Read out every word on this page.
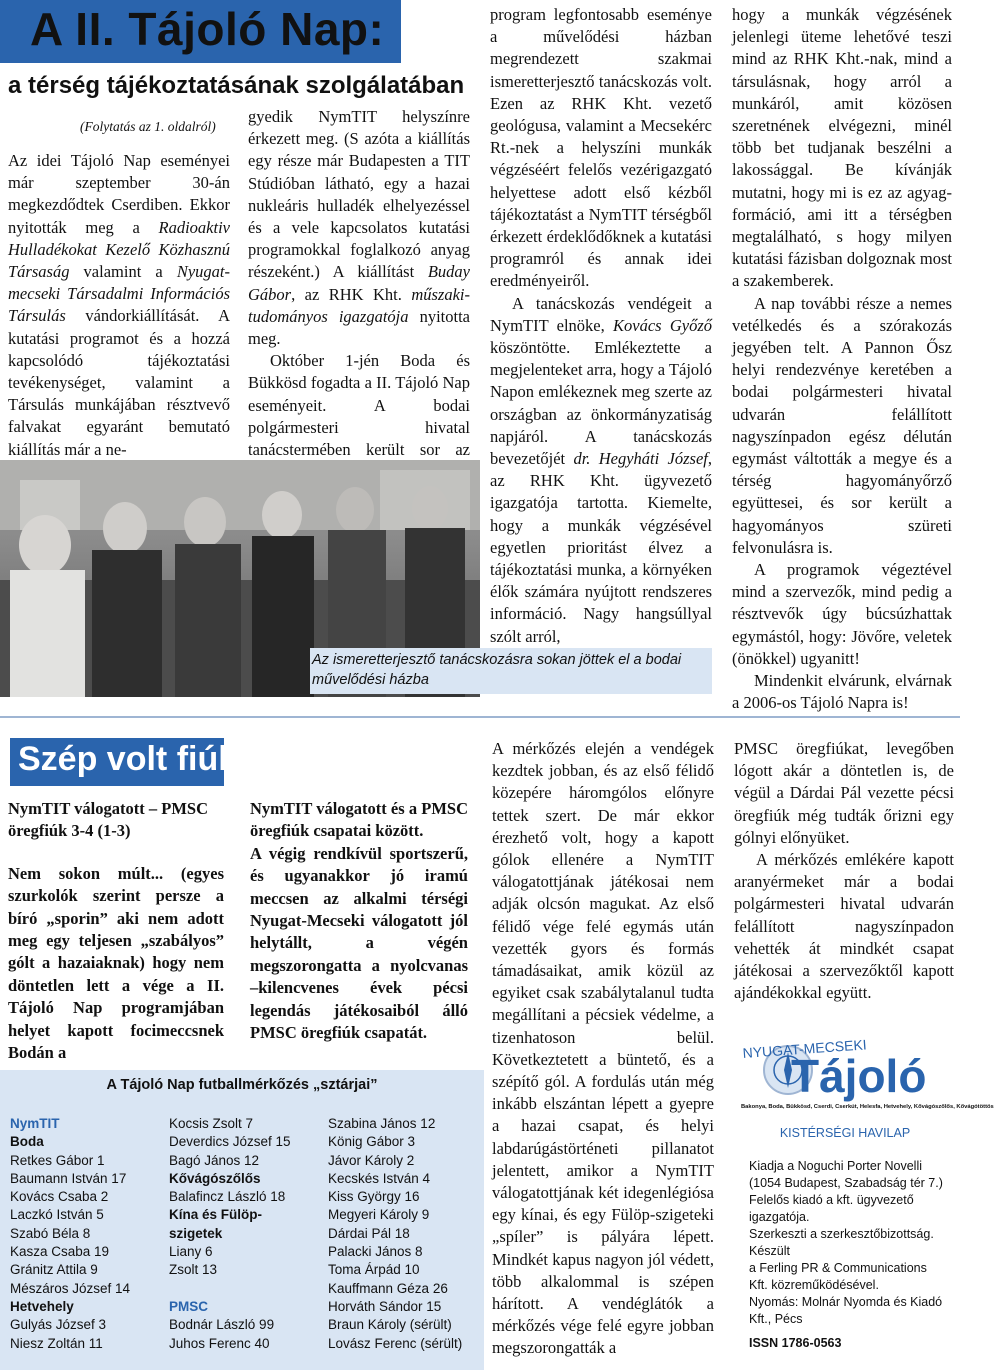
A II. Tájoló Nap:
a térség tájékoztatásának szolgálatában
(Folytatás az 1. oldalról)

Az idei Tájoló Nap eseményei már szeptember 30-án megkezdődtek Cserdiben. Ekkor nyitották meg a Radioaktiv Hulladékokat Kezelő Közhasznú Társaság valamint a Nyugat-mecseki Társadalmi Információs Társulás vándorkiállítását. A kutatási programot és a hozzá kapcsolódó tájékoztatási tevékenységet, valamint a Társulás munkájában résztvevő falvakat egyaránt bemutató kiállítás már a ne-

gyedik NymTIT helyszínre érkezett meg. (S azóta a kiállítás egy része már Budapesten a TIT Stúdióban látható, egy a hazai nukleáris hulladék elhelyezéssel és a vele kapcsolatos kutatási programokkal foglalkozó anyag részeként.) A kiállítást Buday Gábor, az RHK Kht. műszaki-tudományos igazgatója nyitotta meg.

Október 1-jén Boda és Bükkösd fogadta a II. Tájoló Nap eseményeit. A bodai polgármesteri hivatal tanácstermében került sor az

program legfontosabb eseménye a művelődési házban megrendezett szakmai ismeretterjesztő tanácskozás volt. Ezen az RHK Kht. vezető geológusa, valamint a Mecsekérc Rt.-nek a helyszíni munkák végzéséért felelős vezérigazgató helyettese adott első kézből tájékoztatást a NymTIT térségből érkezett érdeklődőknek a kutatási programról és annak idei eredményeiről.

A tanácskozás vendégeit a NymTIT elnöke, Kovács Győző köszöntötte. Emlékeztette a megjelenteket arra, hogy a Tájoló Napon emlékeznek meg szerte az országban az önkormányzatiság napjáról. A tanácskozás bevezetőjét dr. Hegyháti József, az RHK Kht. ügyvezető igazgatója tartotta. Kiemelte, hogy a munkák végzésével egyetlen prioritást élvez a tájékoztatási munka, a környéken élők számára nyújtott rendszeres információ. Nagy hangsúllyal szólt arról,

hogy a munkák végzésének jelenlegi üteme lehetővé teszi mind az RHK Kht.-nak, mind a társulásnak, hogy arról a munkáról, amit közösen szeretnének elvégezni, minél több bet tudjanak beszélni a lakossággal. Be kívánják mutatni, hogy mi is ez az agyag-formáció, ami itt a térségben megtalálható, s hogy milyen kutatási fázisban dolgoznak most a szakemberek.

A nap további része a nemes vetélkedés és a szórakozás jegyében telt. A Pannon Ősz helyi rendezvénye keretében a bodai polgármesteri hivatal udvarán felállított nagyszínpadon egész délután egymást váltották a megye és a térség hagyományőrző együttesei, és sor került a hagyományos szüreti felvonulásra is.

A programok végeztével mind a szervezők, mind pedig a résztvevők úgy búcsúzhattak egymástól, hogy: Jövőre, veletek (önökkel) ugyanitt!

Mindenkit elvárunk, elvárnak a 2006-os Tájoló Napra is!

Az ismeretterjesztő tanácskozásra sokan jöttek el a bodai művelődési házba
Szép volt fiúk!

NymTIT válogatott – PMSC öregfiúk 3-4 (1-3)

Nem sokon múlt... (egyes szurkolók szerint persze a bíró „sporin” aki nem adott meg egy teljesen „szabályos” gólt a hazaiaknak) hogy nem döntetlen lett a vége a II. Tájoló Nap programjában helyet kapott focimeccsnek Bodán a

NymTIT válogatott és a PMSC öregfiúk csapatai között.

A végig rendkívül sportszerű, és ugyanakkor jó iramú meccsen az alkalmi térségi Nyugat-Mecseki válogatott jól helytállt, a végén megszorongatta a nyolcvanas –kilencvenes évek pécsi legendás játékosaiból álló PMSC öregfiúk csapatát.

A mérkőzés elején a vendégek kezdtek jobban, és az első félidő közepére háromgólos előnyre tettek szert. De már ekkor érezhető volt, hogy a kapott gólok ellenére a NymTIT válogatottjának játékosai nem adják olcsón magukat. Az első félidő vége felé egymás után vezették gyors és formás támadásaikat, amik közül az egyiket csak szabálytalanul tudta megállítani a pécsiek védelme, a tizenhatoson belül. Következtetett a büntető, és a szépítő gól. A fordulás után még inkább elszántan lépett a gyepre a hazai csapat, és helyi labdarúgástörténeti pillanatot jelentett, amikor a NymTIT válogatottjának két idegenlégiósa egy kínai, és egy Fülöp-szigeteki „spíler” is pályára lépett. Mindkét kapus nagyon jól védett, több alkalommal is szépen hárított. A vendéglátók a mérkőzés vége felé egyre jobban megszorongatták a

PMSC öregfiúkat, levegőben lógott akár a döntetlen is, de végül a Dárdai Pál vezette pécsi öregfiúk még tudták őrizni egy gólnyi előnyüket.

A mérkőzés emlékére kapott aranyérmeket már a bodai polgármesteri hivatal udvarán felállított nagyszínpadon vehették át mindkét csapat játékosai a szervezőktől kapott ajándékokkal együtt.

A Tájoló Nap futballmérkőzés „sztárjai”
NymTIT
Boda
Retkes Gábor 1
Baumann István 17
Kovács Csaba 2
Laczkó István 5
Szabó Béla 8
Kasza Csaba 19
Gránitz Attila 9
Mészáros József 14
Hetvehely
Gulyás József 3
Niesz Zoltán 11
Kocsis Zsolt 7
Deverdics József 15
Bagó János 12
Kővágószőlős
Balafincz László 18
Kína és Fülöp-
szigetek
Liany 6
Zsolt 13

PMSC
Bodnár László 99
Juhos Ferenc 40
Szabina János 12
König Gábor 3
Jávor Károly 2
Kecskés István 4
Kiss György 16
Megyeri Károly 9
Dárdai Pál 18
Palacki János 8
Toma Árpád 10
Kauffmann Géza 26
Horváth Sándor 15
Braun Károly (sérült)
Lovász Ferenc (sérült)
NYUGAT-MECSEKI
Tájoló
Bakonya, Boda, Bükkösd, Cserdi, Cserkút, Helesfa, Hetvehely, Kővágószőlős, Kővágótöttös
KISTÉRSÉGI HAVILAP
Kiadja a Noguchi Porter Novelli (1054 Budapest, Szabadság tér 7.)
Felelős kiadó a kft. ügyvezető igazgatója.
Szerkeszti a szerkesztőbizottság.
Készült
a Ferling PR & Communications Kft. közreműködésével.
Nyomás: Molnár Nyomda és Kiadó Kft., Pécs
ISSN 1786-0563
